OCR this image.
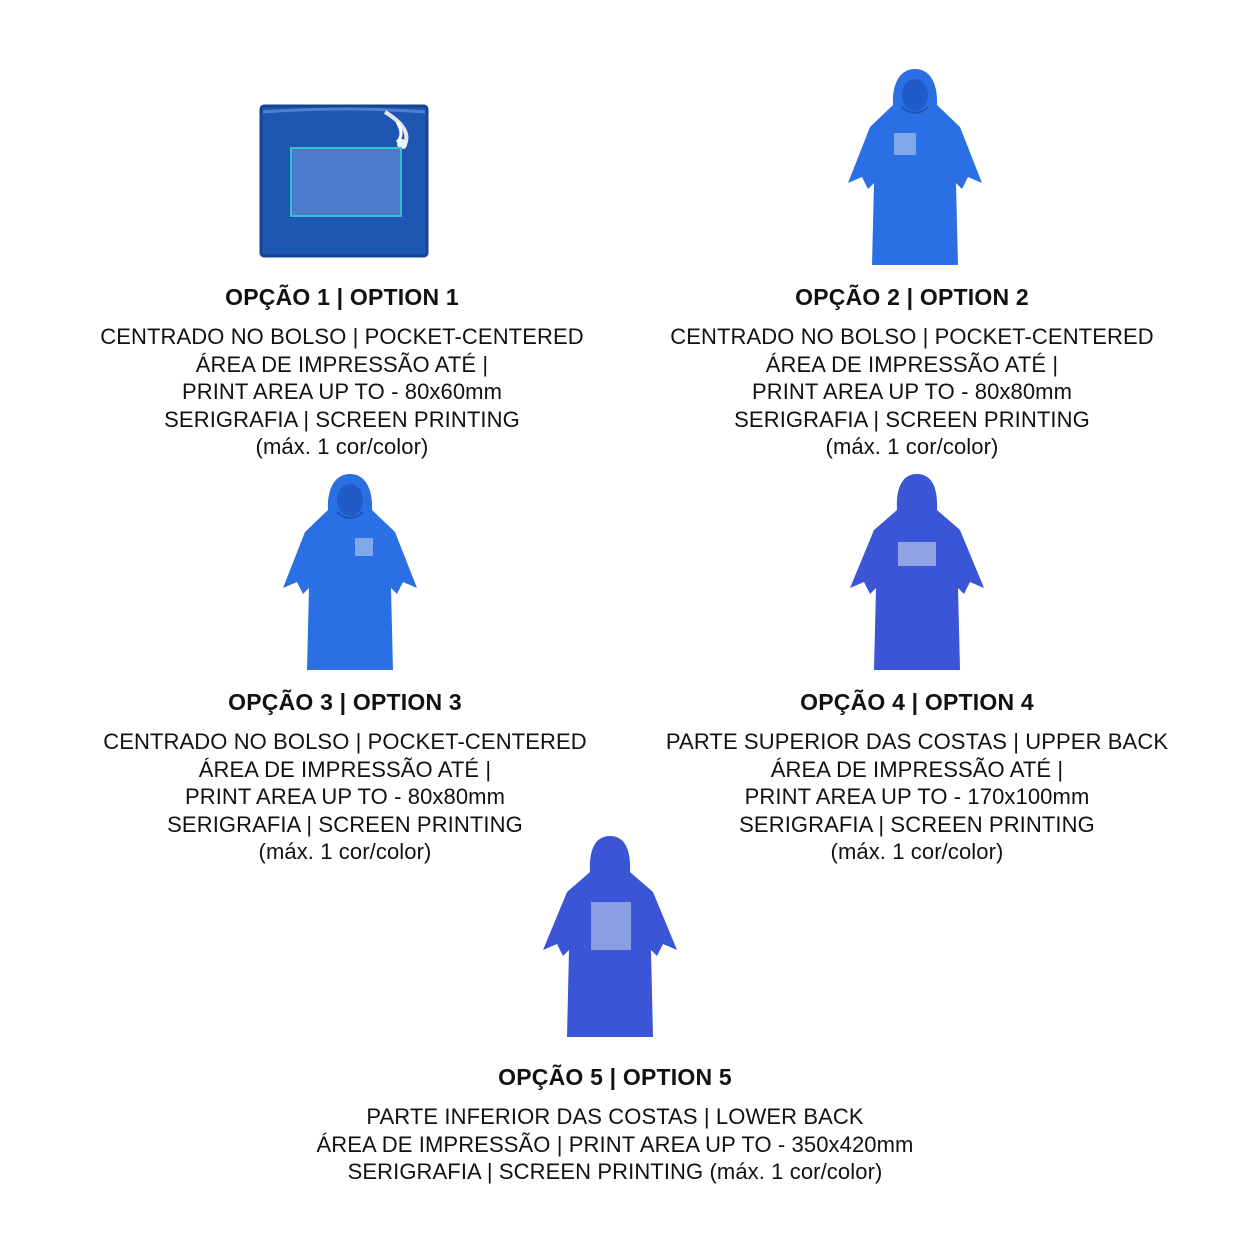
OPÇÃO 1 | OPTION 1
CENTRADO NO BOLSO | POCKET-CENTERED
ÁREA DE IMPRESSÃO ATÉ |
PRINT AREA UP TO - 80x60mm
SERIGRAFIA | SCREEN PRINTING
(máx. 1 cor/color)
OPÇÃO 2 | OPTION 2
CENTRADO NO BOLSO | POCKET-CENTERED
ÁREA DE IMPRESSÃO ATÉ |
PRINT AREA UP TO - 80x80mm
SERIGRAFIA | SCREEN PRINTING
(máx. 1 cor/color)
OPÇÃO 3 | OPTION 3
CENTRADO NO BOLSO | POCKET-CENTERED
ÁREA DE IMPRESSÃO ATÉ |
PRINT AREA UP TO - 80x80mm
SERIGRAFIA | SCREEN PRINTING
(máx. 1 cor/color)
OPÇÃO 4 | OPTION 4
PARTE SUPERIOR DAS COSTAS | UPPER BACK
ÁREA DE IMPRESSÃO ATÉ |
PRINT AREA UP TO - 170x100mm
SERIGRAFIA | SCREEN PRINTING
(máx. 1 cor/color)
OPÇÃO 5 | OPTION 5
PARTE INFERIOR DAS COSTAS | LOWER BACK
ÁREA DE IMPRESSÃO | PRINT AREA UP TO - 350x420mm
SERIGRAFIA | SCREEN PRINTING (máx. 1 cor/color)
